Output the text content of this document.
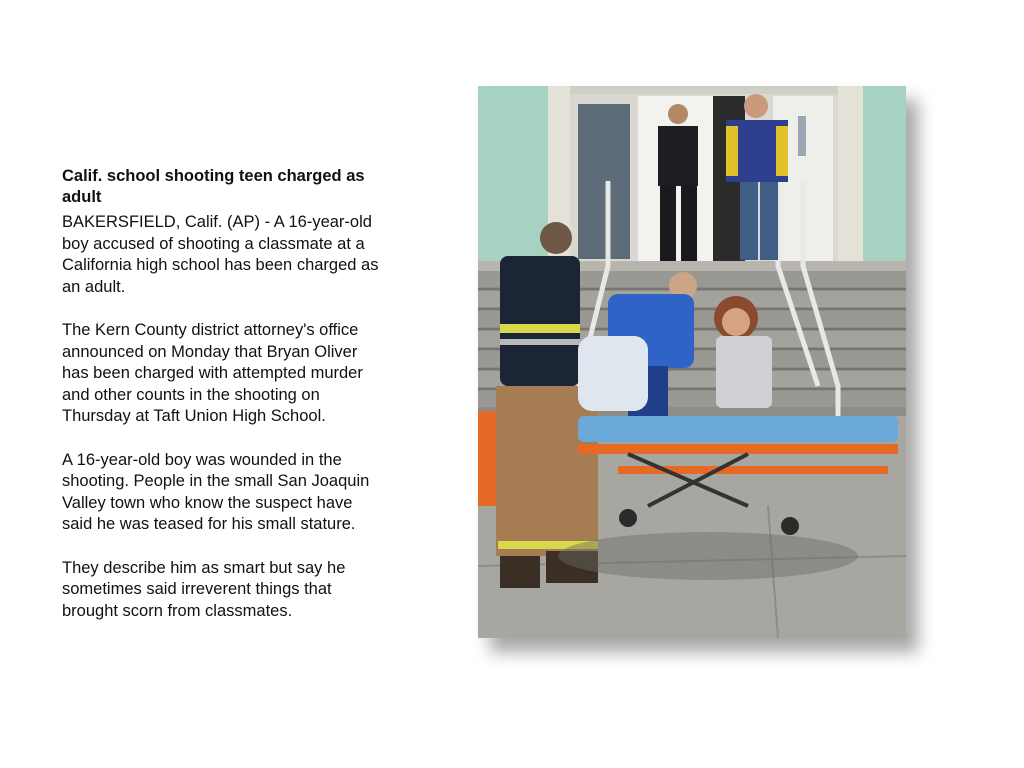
Calif. school shooting teen charged as adult

BAKERSFIELD, Calif. (AP) - A 16-year-old boy accused of shooting a classmate at a California high school has been charged as an adult.

The Kern County district attorney's office announced on Monday that Bryan Oliver has been charged with attempted murder and other counts in the shooting on Thursday at Taft Union High School.

A 16-year-old boy was wounded in the shooting. People in the small San Joaquin Valley town who know the suspect have said he was teased for his small stature.

They describe him as smart but say he sometimes said irreverent things that brought scorn from classmates.
